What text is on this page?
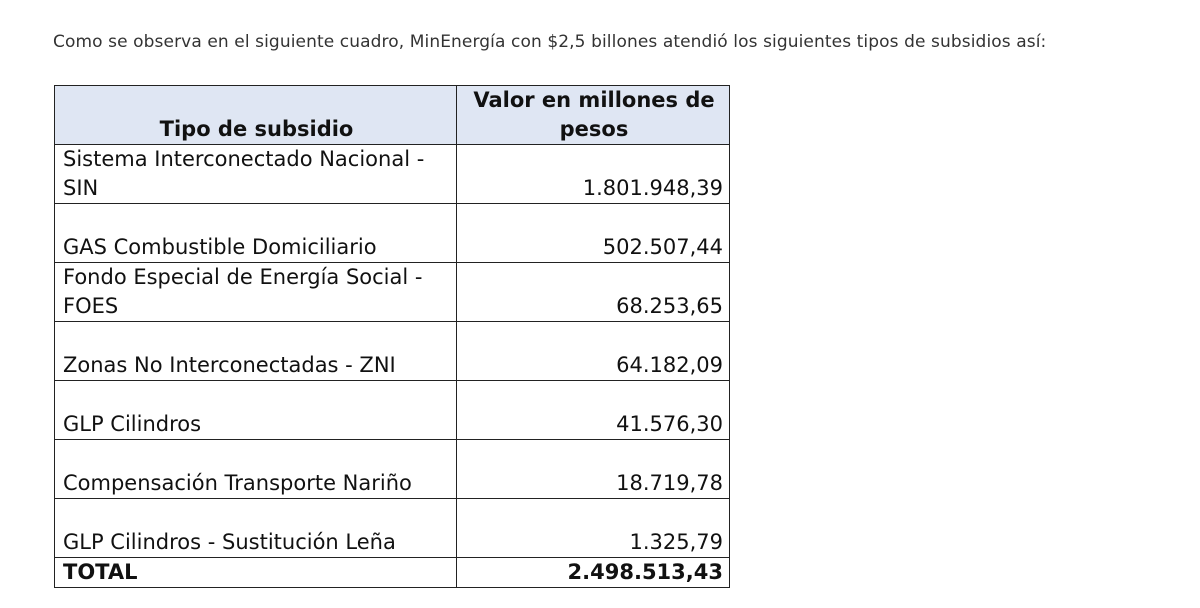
Como se observa en el siguiente cuadro, MinEnergía con $2,5 billones atendió los siguientes tipos de subsidios así:
Tipo de subsidio	Valor en millones de pesos
Sistema Interconectado Nacional - SIN	1.801.948,39
GAS Combustible Domiciliario	502.507,44
Fondo Especial de Energía Social - FOES	68.253,65
Zonas No Interconectadas - ZNI	64.182,09
GLP Cilindros	41.576,30
Compensación Transporte Nariño	18.719,78
GLP Cilindros - Sustitución Leña	1.325,79
TOTAL	2.498.513,43
